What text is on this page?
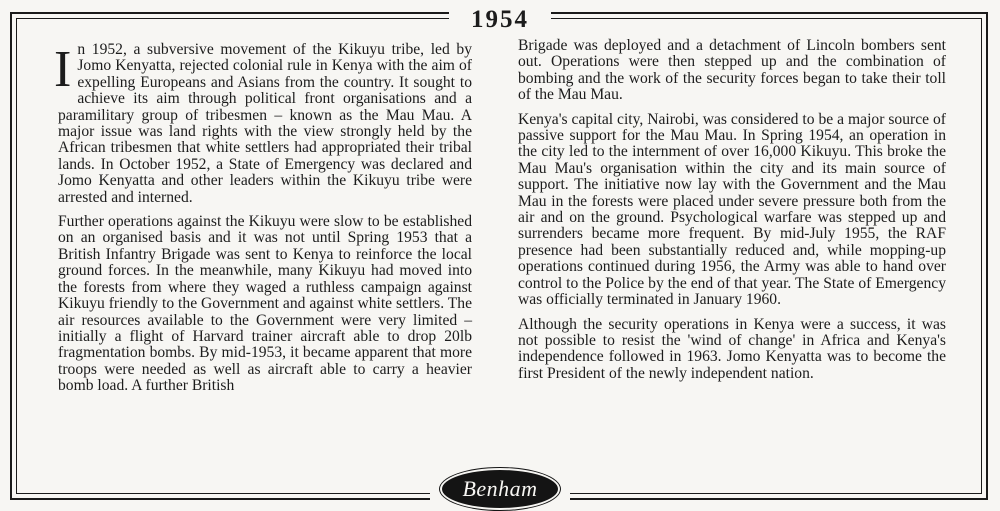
1954

In 1952, a subversive movement of the Kikuyu tribe, led by Jomo Kenyatta, rejected colonial rule in Kenya with the aim of expelling Europeans and Asians from the country. It sought to achieve its aim through political front organisations and a paramilitary group of tribesmen – known as the Mau Mau. A major issue was land rights with the view strongly held by the African tribesmen that white settlers had appropriated their tribal lands. In October 1952, a State of Emergency was declared and Jomo Kenyatta and other leaders within the Kikuyu tribe were arrested and interned.

Further operations against the Kikuyu were slow to be established on an organised basis and it was not until Spring 1953 that a British Infantry Brigade was sent to Kenya to reinforce the local ground forces. In the meanwhile, many Kikuyu had moved into the forests from where they waged a ruthless campaign against Kikuyu friendly to the Government and against white settlers. The air resources available to the Government were very limited – initially a flight of Harvard trainer aircraft able to drop 20lb fragmentation bombs. By mid-1953, it became apparent that more troops were needed as well as aircraft able to carry a heavier bomb load. A further British

Brigade was deployed and a detachment of Lincoln bombers sent out. Operations were then stepped up and the combination of bombing and the work of the security forces began to take their toll of the Mau Mau.

Kenya's capital city, Nairobi, was considered to be a major source of passive support for the Mau Mau. In Spring 1954, an operation in the city led to the internment of over 16,000 Kikuyu. This broke the Mau Mau's organisation within the city and its main source of support. The initiative now lay with the Government and the Mau Mau in the forests were placed under severe pressure both from the air and on the ground. Psychological warfare was stepped up and surrenders became more frequent. By mid-July 1955, the RAF presence had been substantially reduced and, while mopping-up operations continued during 1956, the Army was able to hand over control to the Police by the end of that year. The State of Emergency was officially terminated in January 1960.

Although the security operations in Kenya were a success, it was not possible to resist the 'wind of change' in Africa and Kenya's independence followed in 1963. Jomo Kenyatta was to become the first President of the newly independent nation.

Benham
